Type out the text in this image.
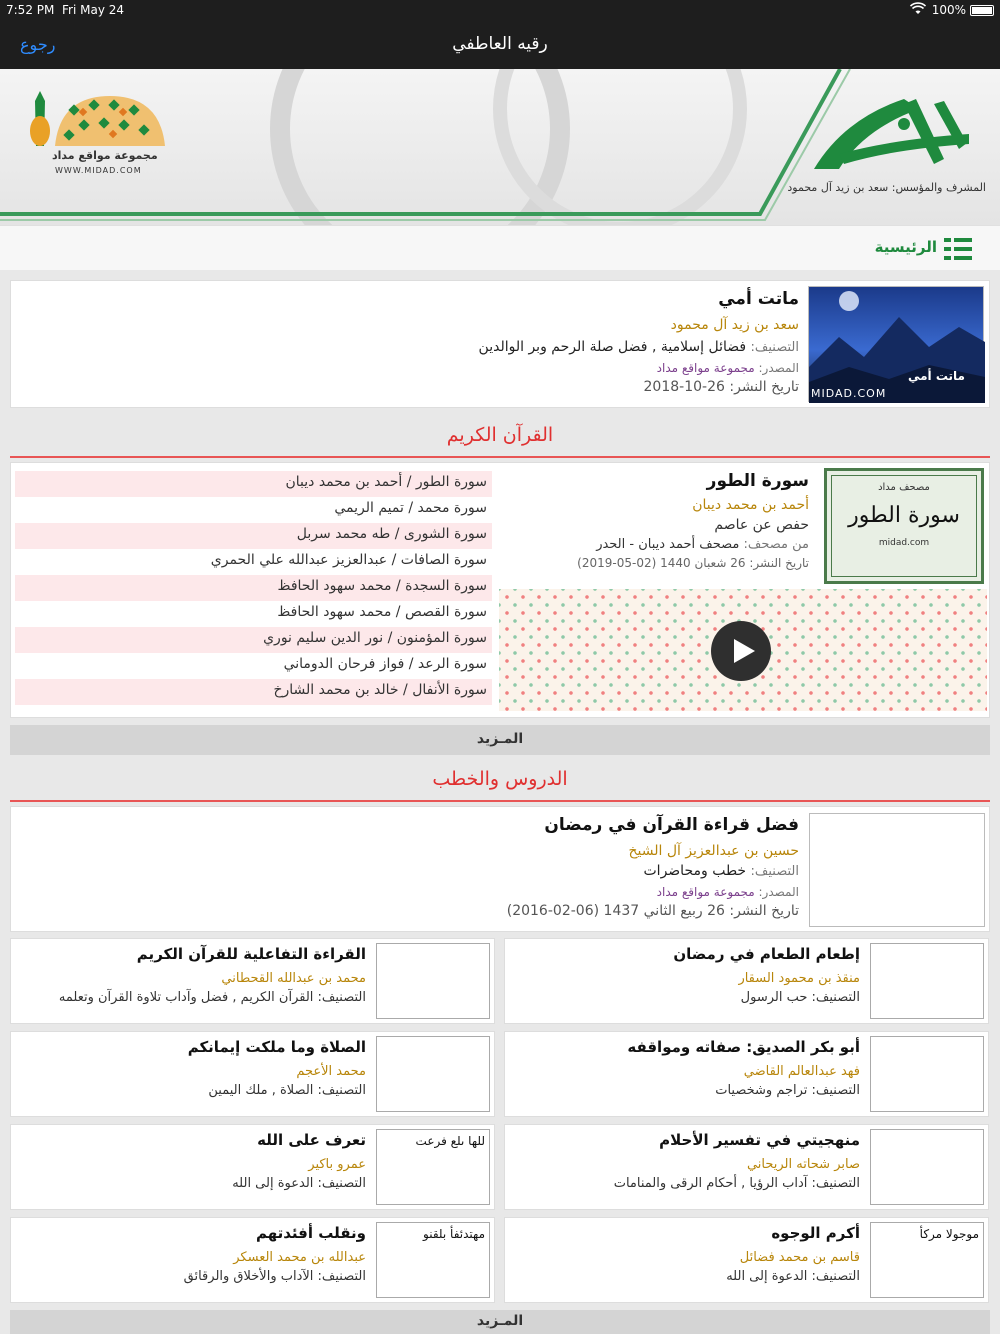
7:52 PM Fri May 24	100%
رجوع	رقيه العاطفي
المشرف والمؤسس: سعد بن زيد آل محمود
مجموعة مواقع مداد
WWW.MIDAD.COM
الرئيسية
ماتت أمي
MIDAD.COM
ماتت أمي
سعد بن زيد آل محمود
التصنيف: فضائل إسلامية , فضل صلة الرحم وبر الوالدين
المصدر: مجموعة مواقع مداد
تاريخ النشر: 26-10-2018
القرآن الكريم
مصحف مداد
سورة الطور
midad.com
سورة الطور
أحمد بن محمد ديبان
حفص عن عاصم
من مصحف: مصحف أحمد ديبان - الحدر
تاريخ النشر: 26 شعبان 1440 (02-05-2019)
سورة الطور / أحمد بن محمد ديبان
سورة محمد / تميم الريمي
سورة الشورى / طه محمد سربل
سورة الصافات / عبدالعزيز عبدالله علي الحمري
سورة السجدة / محمد سهود الحافظ
سورة القصص / محمد سهود الحافظ
سورة المؤمنون / نور الدين سليم نوري
سورة الرعد / فواز فرحان الدوماني
سورة الأنفال / خالد بن محمد الشارخ
المـزيد
الدروس والخطب
فضل قراءة القرآن في رمضان
حسين بن عبدالعزيز آل الشيخ
التصنيف: خطب ومحاضرات
المصدر: مجموعة مواقع مداد
تاريخ النشر: 26 ربيع الثاني 1437 (06-02-2016)
إطعام الطعام في رمضان
منقذ بن محمود السقار
التصنيف: حب الرسول
القراءة التفاعلية للقرآن الكريم
محمد بن عبدالله القحطاني
التصنيف: القرآن الكريم , فضل وآداب تلاوة القرآن وتعلمه
أبو بكر الصديق: صفاته ومواقفه
فهد عبدالعالم القاضي
التصنيف: تراجم وشخصيات
الصلاة وما ملكت إيمانكم
محمد الأعجم
التصنيف: الصلاة , ملك اليمين
منهجيتي في تفسير الأحلام
صابر شحاته الريحاني
التصنيف: آداب الرؤيا , أحكام الرقى والمنامات
للها ىلع فرعت
تعرف على الله
عمرو باكير
التصنيف: الدعوة إلى الله
موجولا مركأ
أكرم الوجوه
قاسم بن محمد فضائل
التصنيف: الدعوة إلى الله
مهتدئفأ بلقنو
ونقلب أفئدتهم
عبدالله بن محمد العسكر
التصنيف: الآداب والأخلاق والرقائق
المـزيد
